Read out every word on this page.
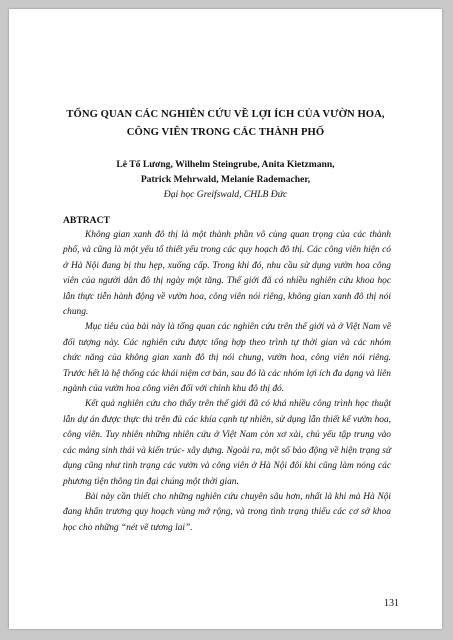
TỔNG QUAN CÁC NGHIÊN CỨU VỀ LỢI ÍCH CỦA VƯỜN HOA,
CÔNG VIÊN TRONG CÁC THÀNH PHỐ
Lê Tố Lương, Wilhelm Steingrube, Anita Kietzmann,
Patrick Mehrwald, Melanie Rademacher,
Đại học Greifswald, CHLB Đức
ABTRACT

Không gian xanh đô thị là một thành phần vô cùng quan trọng của các thành phố, và cũng là một yếu tố thiết yếu trong các quy hoạch đô thị. Các công viên hiện có ở Hà Nội đang bị thu hẹp, xuống cấp. Trong khi đó, nhu cầu sử dụng vườn hoa công viên của người dân đô thị ngày một tăng. Thế giới đã có nhiều nghiên cứu khoa học lẫn thực tiễn hành động về vườn hoa, công viên nói riêng, không gian xanh đô thị nói chung.

Mục tiêu của bài này là tổng quan các nghiên cứu trên thế giới và ở Việt Nam về đối tượng này. Các nghiên cứu được tổng hợp theo trình tự thời gian và các nhóm chức năng của không gian xanh đô thị nói chung, vườn hoa, công viên nói riêng. Trước hết là hệ thống các khái niệm cơ bản, sau đó là các nhóm lợi ích đa dạng và liên ngành của vườn hoa công viên đối với chỉnh khu đô thị đó.

Kết quả nghiên cứu cho thấy trên thế giới đã có khá nhiều công trình học thuật lẫn dự án được thực thi trên đủ các khía cạnh tự nhiên, sử dụng lẫn thiết kế vườn hoa, công viên. Tuy nhiên những nhiên cứu ở Việt Nam còn xơ xài, chủ yếu tập trung vào các mảng sinh thái và kiến trúc- xây dựng. Ngoài ra, một số bảo động về hiện trạng sử dụng cũng như tình trạng các vườn và công viên ở Hà Nội đôi khi cũng làm nóng các phương tiện thông tin đại chúng một thời gian.

Bài này cần thiết cho những nghiên cứu chuyên sâu hơn, nhất là khi mà Hà Nội đang khẩn trương quy hoạch vùng mở rộng, và trong tình trạng thiếu các cơ sở khoa học cho những “nét vẽ tương lai”.

131
